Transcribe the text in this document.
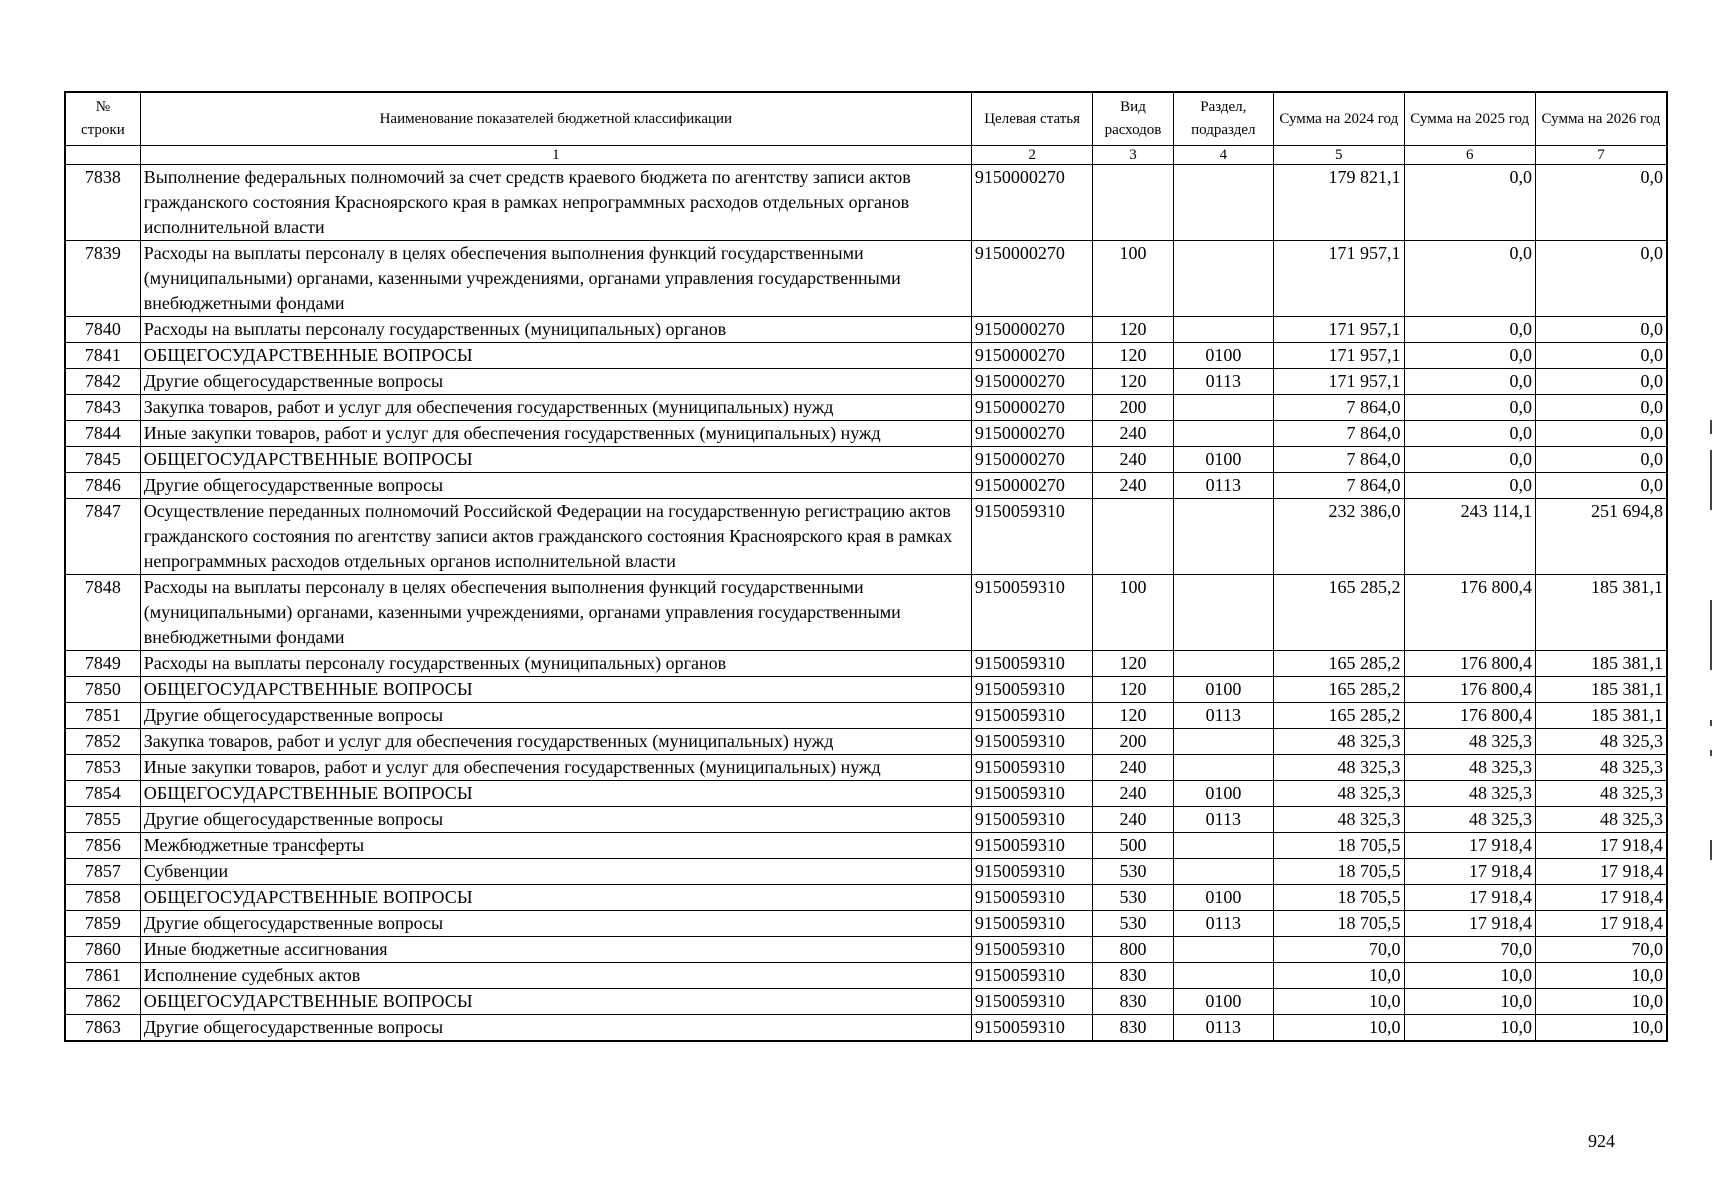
№
строки	Наименование показателей бюджетной классификации	Целевая статья	Вид расходов	Раздел, подраздел	Сумма на 2024 год	Сумма на 2025 год	Сумма на 2026 год
	1	2	3	4	5	6	7
7838	Выполнение федеральных полномочий за счет средств краевого бюджета по агентству записи актов гражданского состояния Красноярского края в рамках непрограммных расходов отдельных органов исполнительной власти	9150000270			179 821,1	0,0	0,0
7839	Расходы на выплаты персоналу в целях обеспечения выполнения функций государственными (муниципальными) органами, казенными учреждениями, органами управления государственными внебюджетными фондами	9150000270	100		171 957,1	0,0	0,0
7840	Расходы на выплаты персоналу государственных (муниципальных) органов	9150000270	120		171 957,1	0,0	0,0
7841	ОБЩЕГОСУДАРСТВЕННЫЕ ВОПРОСЫ	9150000270	120	0100	171 957,1	0,0	0,0
7842	Другие общегосударственные вопросы	9150000270	120	0113	171 957,1	0,0	0,0
7843	Закупка товаров, работ и услуг для обеспечения государственных (муниципальных) нужд	9150000270	200		7 864,0	0,0	0,0
7844	Иные закупки товаров, работ и услуг для обеспечения государственных (муниципальных) нужд	9150000270	240		7 864,0	0,0	0,0
7845	ОБЩЕГОСУДАРСТВЕННЫЕ ВОПРОСЫ	9150000270	240	0100	7 864,0	0,0	0,0
7846	Другие общегосударственные вопросы	9150000270	240	0113	7 864,0	0,0	0,0
7847	Осуществление переданных полномочий Российской Федерации на государственную регистрацию актов гражданского состояния по агентству записи актов гражданского состояния Красноярского края в рамках непрограммных расходов отдельных органов исполнительной власти	9150059310			232 386,0	243 114,1	251 694,8
7848	Расходы на выплаты персоналу в целях обеспечения выполнения функций государственными (муниципальными) органами, казенными учреждениями, органами управления государственными внебюджетными фондами	9150059310	100		165 285,2	176 800,4	185 381,1
7849	Расходы на выплаты персоналу государственных (муниципальных) органов	9150059310	120		165 285,2	176 800,4	185 381,1
7850	ОБЩЕГОСУДАРСТВЕННЫЕ ВОПРОСЫ	9150059310	120	0100	165 285,2	176 800,4	185 381,1
7851	Другие общегосударственные вопросы	9150059310	120	0113	165 285,2	176 800,4	185 381,1
7852	Закупка товаров, работ и услуг для обеспечения государственных (муниципальных) нужд	9150059310	200		48 325,3	48 325,3	48 325,3
7853	Иные закупки товаров, работ и услуг для обеспечения государственных (муниципальных) нужд	9150059310	240		48 325,3	48 325,3	48 325,3
7854	ОБЩЕГОСУДАРСТВЕННЫЕ ВОПРОСЫ	9150059310	240	0100	48 325,3	48 325,3	48 325,3
7855	Другие общегосударственные вопросы	9150059310	240	0113	48 325,3	48 325,3	48 325,3
7856	Межбюджетные трансферты	9150059310	500		18 705,5	17 918,4	17 918,4
7857	Субвенции	9150059310	530		18 705,5	17 918,4	17 918,4
7858	ОБЩЕГОСУДАРСТВЕННЫЕ ВОПРОСЫ	9150059310	530	0100	18 705,5	17 918,4	17 918,4
7859	Другие общегосударственные вопросы	9150059310	530	0113	18 705,5	17 918,4	17 918,4
7860	Иные бюджетные ассигнования	9150059310	800		70,0	70,0	70,0
7861	Исполнение судебных актов	9150059310	830		10,0	10,0	10,0
7862	ОБЩЕГОСУДАРСТВЕННЫЕ ВОПРОСЫ	9150059310	830	0100	10,0	10,0	10,0
7863	Другие общегосударственные вопросы	9150059310	830	0113	10,0	10,0	10,0
924
